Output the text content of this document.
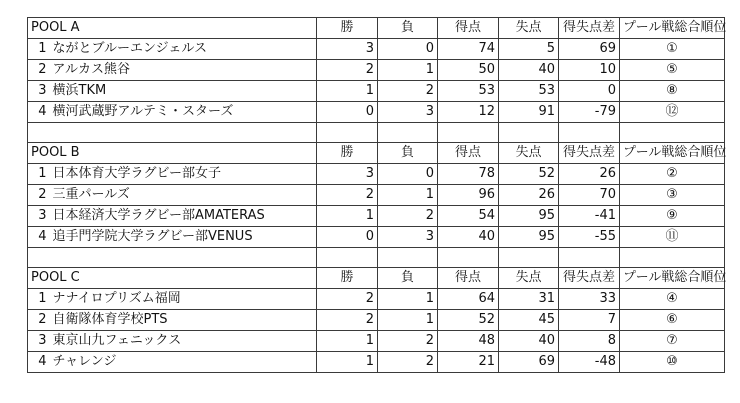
POOL A		勝	負	得点	失点	得失点差	プール戦総合順位
1	ながとブルーエンジェルス	3	0	74	5	69	①
2	アルカス熊谷	2	1	50	40	10	⑤
3	横浜TKM	1	2	53	53	0	⑧
4	横河武蔵野アルテミ・スターズ	0	3	12	91	-79	⑫

POOL B		勝	負	得点	失点	得失点差	プール戦総合順位
1	日本体育大学ラグビー部女子	3	0	78	52	26	②
2	三重パールズ	2	1	96	26	70	③
3	日本経済大学ラグビー部AMATERAS	1	2	54	95	-41	⑨
4	追手門学院大学ラグビー部VENUS	0	3	40	95	-55	⑪

POOL C		勝	負	得点	失点	得失点差	プール戦総合順位
1	ナナイロプリズム福岡	2	1	64	31	33	④
2	自衛隊体育学校PTS	2	1	52	45	7	⑥
3	東京山九フェニックス	1	2	48	40	8	⑦
4	チャレンジ	1	2	21	69	-48	⑩
